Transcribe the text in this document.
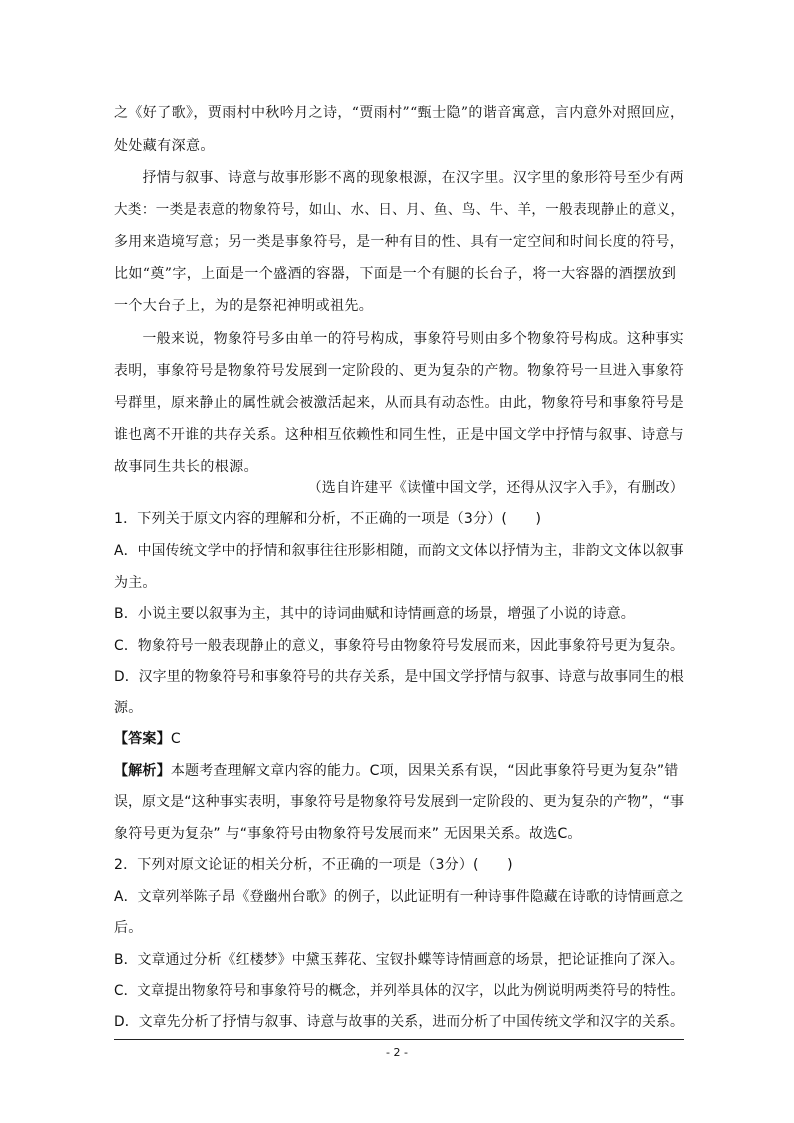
之《好了歌》，贾雨村中秋吟月之诗，“贾雨村”“甄士隐”的谐音寓意，言内意外对照回应，
处处藏有深意。
　　抒情与叙事、诗意与故事形影不离的现象根源，在汉字里。汉字里的象形符号至少有两
大类：一类是表意的物象符号，如山、水、日、月、鱼、鸟、牛、羊，一般表现静止的意义，
多用来造境写意；另一类是事象符号，是一种有目的性、具有一定空间和时间长度的符号，
比如“奠”字，上面是一个盛酒的容器，下面是一个有腿的长台子，将一大容器的酒摆放到
一个大台子上，为的是祭祀神明或祖先。
　　一般来说，物象符号多由单一的符号构成，事象符号则由多个物象符号构成。这种事实
表明，事象符号是物象符号发展到一定阶段的、更为复杂的产物。物象符号一旦进入事象符
号群里，原来静止的属性就会被激活起来，从而具有动态性。由此，物象符号和事象符号是
谁也离不开谁的共存关系。这种相互依赖性和同生性，正是中国文学中抒情与叙事、诗意与
故事同生共长的根源。
（选自许建平《读懂中国文学，还得从汉字入手》，有删改）
1．下列关于原文内容的理解和分析，不正确的一项是（3分）(　　)
A．中国传统文学中的抒情和叙事往往形影相随，而韵文文体以抒情为主，非韵文文体以叙事
为主。
B．小说主要以叙事为主，其中的诗词曲赋和诗情画意的场景，增强了小说的诗意。
C．物象符号一般表现静止的意义，事象符号由物象符号发展而来，因此事象符号更为复杂。
D．汉字里的物象符号和事象符号的共存关系，是中国文学抒情与叙事、诗意与故事同生的根
源。
【答案】C
【解析】本题考查理解文章内容的能力。C项，因果关系有误，“因此事象符号更为复杂”错
误，原文是“这种事实表明，事象符号是物象符号发展到一定阶段的、更为复杂的产物”，“事
象符号更为复杂” 与“事象符号由物象符号发展而来” 无因果关系。故选C。
2．下列对原文论证的相关分析，不正确的一项是（3分）(　　)
A．文章列举陈子昂《登幽州台歌》的例子，以此证明有一种诗事件隐藏在诗歌的诗情画意之
后。
B．文章通过分析《红楼梦》中黛玉葬花、宝钗扑蝶等诗情画意的场景，把论证推向了深入。
C．文章提出物象符号和事象符号的概念，并列举具体的汉字，以此为例说明两类符号的特性。
D．文章先分析了抒情与叙事、诗意与故事的关系，进而分析了中国传统文学和汉字的关系。
- 2 -
